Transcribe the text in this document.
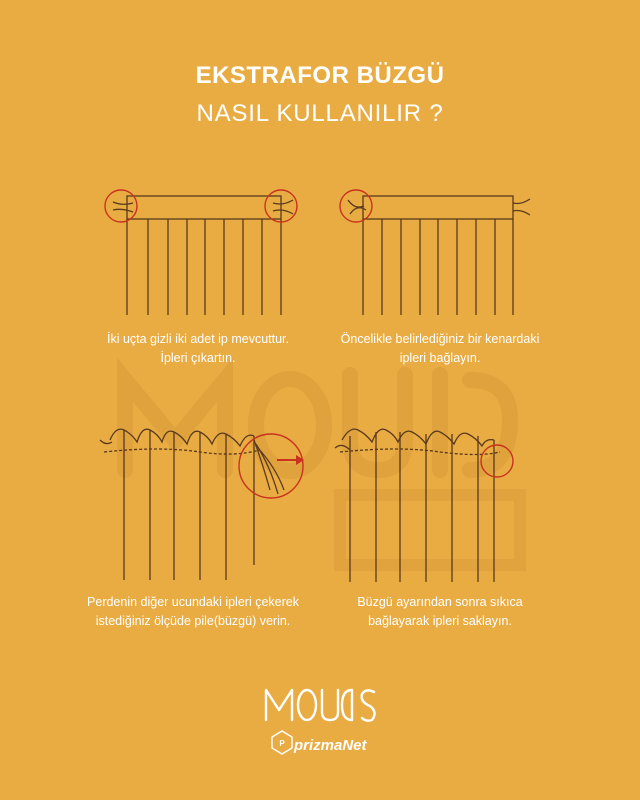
EKSTRAFOR BÜZGÜ
NASIL KULLANILIR ?
İki uçta gizli iki adet ip mevcuttur.
İpleri çıkartın.
Öncelikle belirlediğiniz bir kenardaki
ipleri bağlayın.
Perdenin diğer ucundaki ipleri çekerek
istediğiniz ölçüde pile(büzgü) verin.
Büzgü ayarından sonra sıkıca
bağlayarak ipleri saklayın.
P prizmaNet
